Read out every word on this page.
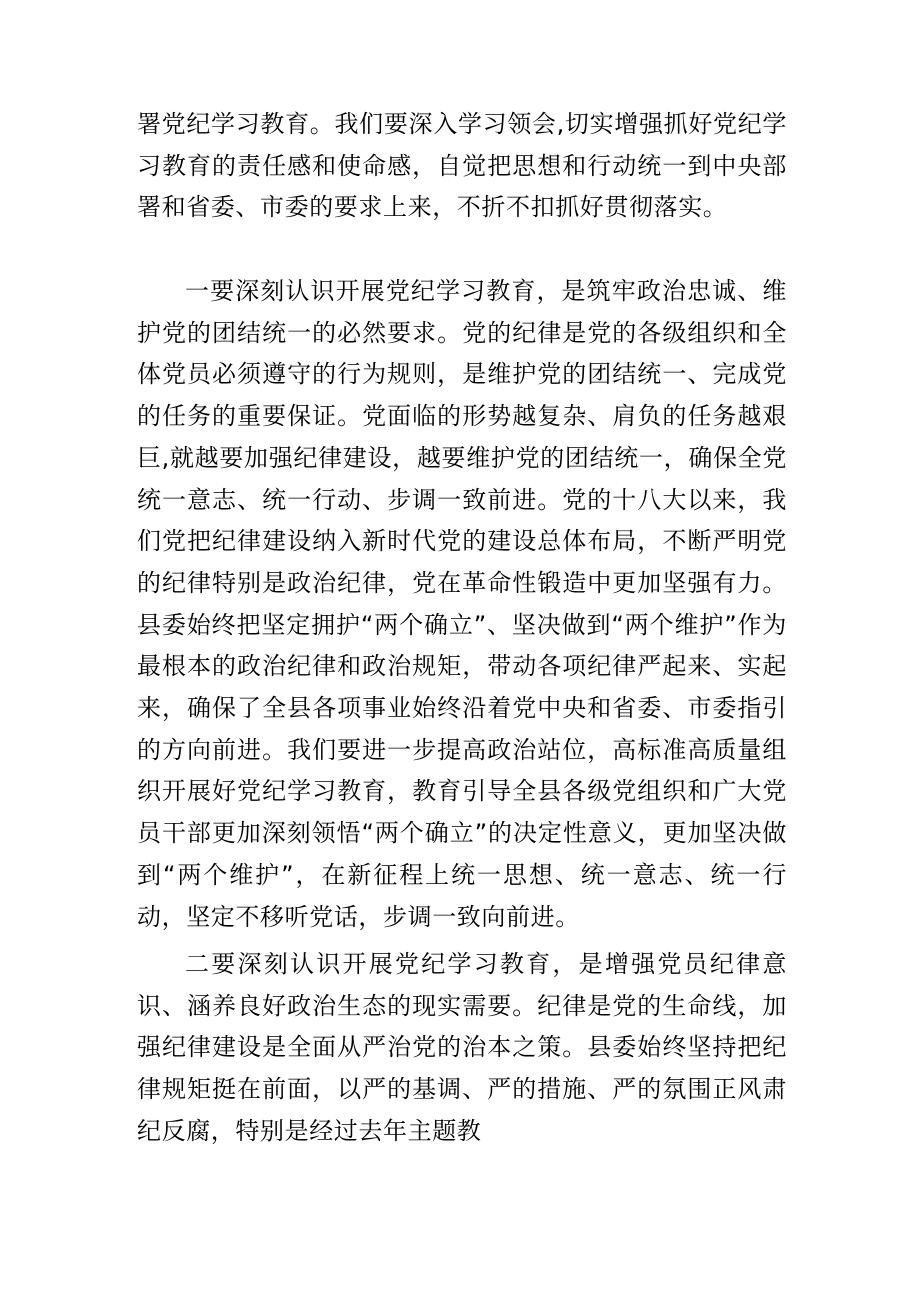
署党纪学习教育。我们要深入学习领会,切实增强抓好党纪学习教育的责任感和使命感，自觉把思想和行动统一到中央部署和省委、市委的要求上来，不折不扣抓好贯彻落实。

一要深刻认识开展党纪学习教育，是筑牢政治忠诚、维护党的团结统一的必然要求。党的纪律是党的各级组织和全体党员必须遵守的行为规则，是维护党的团结统一、完成党的任务的重要保证。党面临的形势越复杂、肩负的任务越艰巨,就越要加强纪律建设，越要维护党的团结统一，确保全党统一意志、统一行动、步调一致前进。党的十八大以来，我们党把纪律建设纳入新时代党的建设总体布局，不断严明党的纪律特别是政治纪律，党在革命性锻造中更加坚强有力。县委始终把坚定拥护“两个确立”、坚决做到“两个维护”作为最根本的政治纪律和政治规矩，带动各项纪律严起来、实起来，确保了全县各项事业始终沿着党中央和省委、市委指引的方向前进。我们要进一步提高政治站位，高标准高质量组织开展好党纪学习教育，教育引导全县各级党组织和广大党员干部更加深刻领悟“两个确立”的决定性意义，更加坚决做到“两个维护”，在新征程上统一思想、统一意志、统一行动，坚定不移听党话，步调一致向前进。

二要深刻认识开展党纪学习教育，是增强党员纪律意识、涵养良好政治生态的现实需要。纪律是党的生命线，加强纪律建设是全面从严治党的治本之策。县委始终坚持把纪律规矩挺在前面，以严的基调、严的措施、严的氛围正风肃纪反腐，特别是经过去年主题教
